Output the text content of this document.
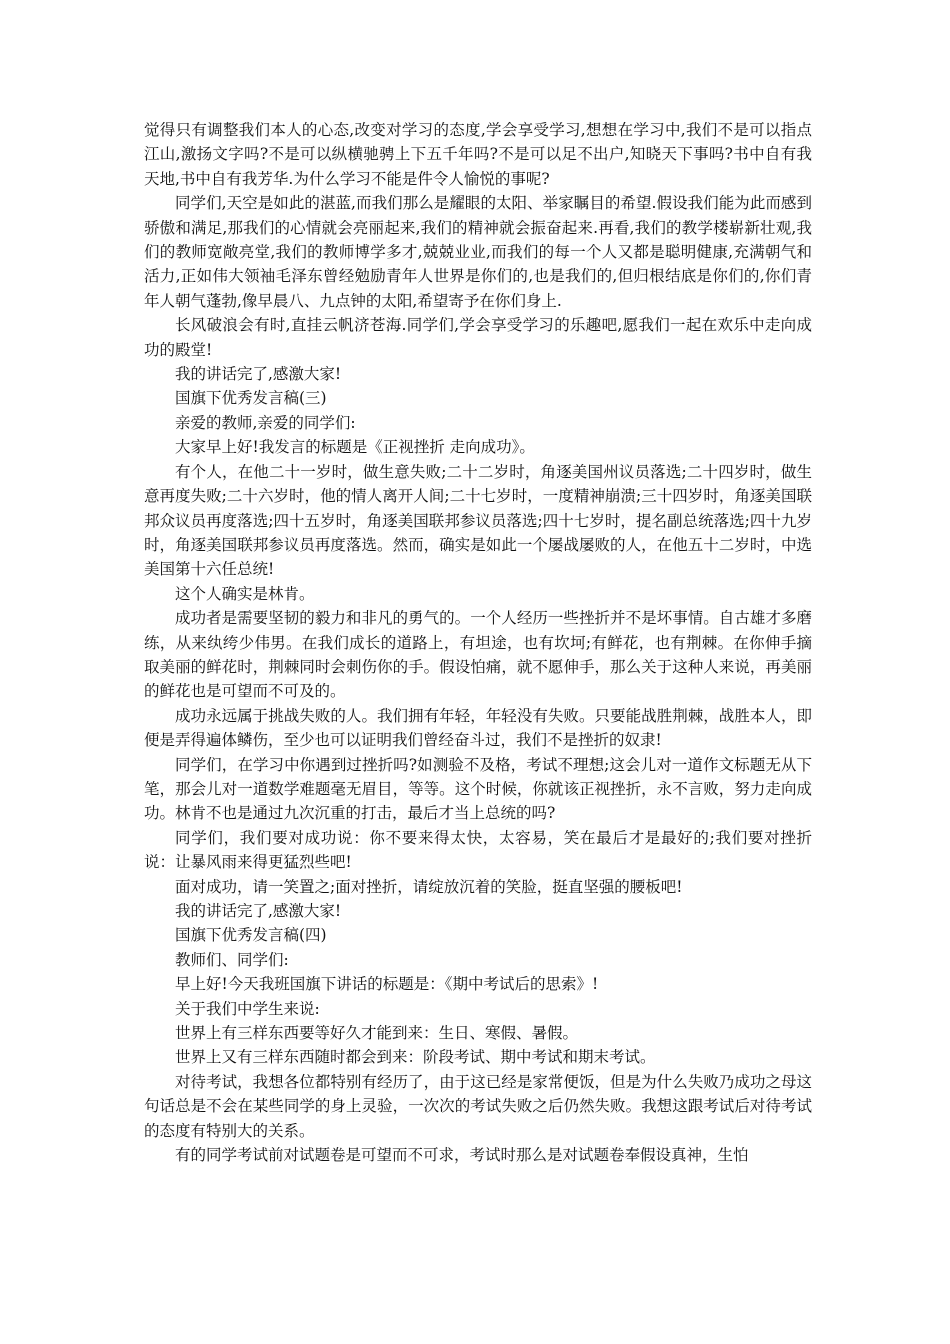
觉得只有调整我们本人的心态,改变对学习的态度,学会享受学习,想想在学习中,我们不是可以指点江山,激扬文字吗?不是可以纵横驰骋上下五千年吗?不是可以足不出户,知晓天下事吗?书中自有我天地,书中自有我芳华.为什么学习不能是件令人愉悦的事呢?

同学们,天空是如此的湛蓝,而我们那么是耀眼的太阳、举家瞩目的希望.假设我们能为此而感到骄傲和满足,那我们的心情就会亮丽起来,我们的精神就会振奋起来.再看,我们的教学楼崭新壮观,我们的教师宽敞亮堂,我们的教师博学多才,兢兢业业,而我们的每一个人又都是聪明健康,充满朝气和活力,正如伟大领袖毛泽东曾经勉励青年人世界是你们的,也是我们的,但归根结底是你们的,你们青年人朝气蓬勃,像早晨八、九点钟的太阳,希望寄予在你们身上.

长风破浪会有时,直挂云帆济苍海.同学们,学会享受学习的乐趣吧,愿我们一起在欢乐中走向成功的殿堂!

我的讲话完了,感激大家!

国旗下优秀发言稿(三)

亲爱的教师,亲爱的同学们:

大家早上好!我发言的标题是《正视挫折 走向成功》。

有个人，在他二十一岁时，做生意失败;二十二岁时，角逐美国州议员落选;二十四岁时，做生意再度失败;二十六岁时，他的情人离开人间;二十七岁时，一度精神崩溃;三十四岁时，角逐美国联邦众议员再度落选;四十五岁时，角逐美国联邦参议员落选;四十七岁时，提名副总统落选;四十九岁时，角逐美国联邦参议员再度落选。然而，确实是如此一个屡战屡败的人，在他五十二岁时，中选美国第十六任总统!

这个人确实是林肯。

成功者是需要坚韧的毅力和非凡的勇气的。一个人经历一些挫折并不是坏事情。自古雄才多磨练，从来纨绔少伟男。在我们成长的道路上，有坦途，也有坎坷;有鲜花，也有荆棘。在你伸手摘取美丽的鲜花时，荆棘同时会刺伤你的手。假设怕痛，就不愿伸手，那么关于这种人来说，再美丽的鲜花也是可望而不可及的。

成功永远属于挑战失败的人。我们拥有年轻，年轻没有失败。只要能战胜荆棘，战胜本人，即便是弄得遍体鳞伤，至少也可以证明我们曾经奋斗过，我们不是挫折的奴隶!

同学们，在学习中你遇到过挫折吗?如测验不及格，考试不理想;这会儿对一道作文标题无从下笔，那会儿对一道数学难题毫无眉目，等等。这个时候，你就该正视挫折，永不言败，努力走向成功。林肯不也是通过九次沉重的打击，最后才当上总统的吗?

同学们，我们要对成功说：你不要来得太快，太容易，笑在最后才是最好的;我们要对挫折说：让暴风雨来得更猛烈些吧!

面对成功，请一笑置之;面对挫折，请绽放沉着的笑脸，挺直坚强的腰板吧!

我的讲话完了,感激大家!

国旗下优秀发言稿(四)

教师们、同学们:

早上好!今天我班国旗下讲话的标题是：《期中考试后的思索》!

关于我们中学生来说:

世界上有三样东西要等好久才能到来：生日、寒假、暑假。

世界上又有三样东西随时都会到来：阶段考试、期中考试和期末考试。

对待考试，我想各位都特别有经历了，由于这已经是家常便饭，但是为什么失败乃成功之母这句话总是不会在某些同学的身上灵验，一次次的考试失败之后仍然失败。我想这跟考试后对待考试的态度有特别大的关系。

有的同学考试前对试题卷是可望而不可求，考试时那么是对试题卷奉假设真神，生怕
